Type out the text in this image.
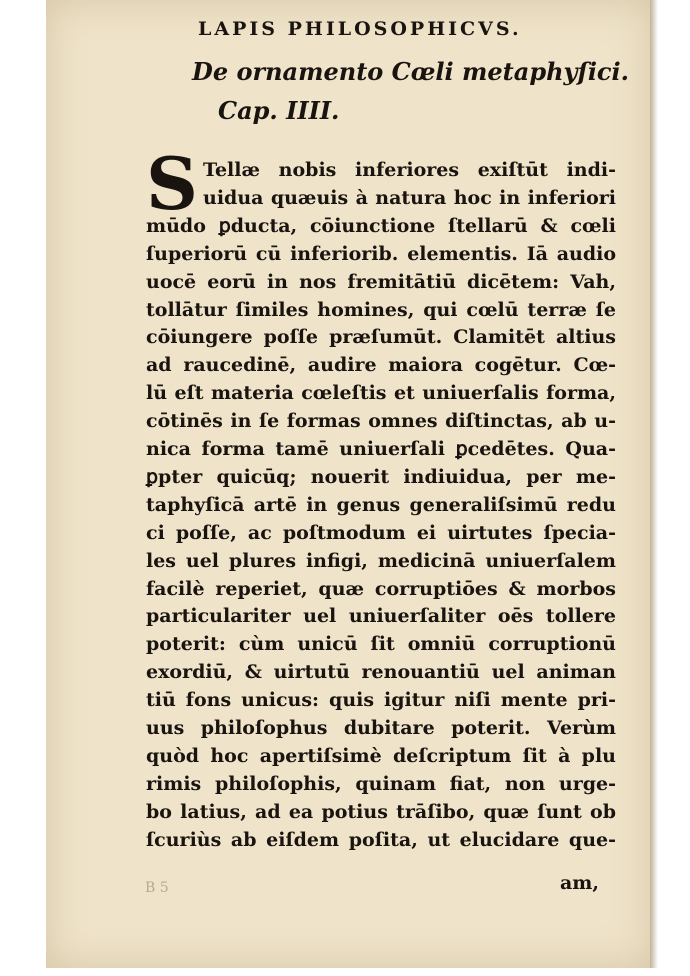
LAPIS PHILOSOPHICVS.
De ornamento Cœli metaphyſici.
Cap. IIII.
S Tellæ nobis inferiores exiſtūt indi-
uidua quæuis à natura hoc in inferiori
mūdo ꝑducta, cōiunctione ſtellarū & cœli
ſuperiorū cū inferiorib. elementis. Iā audio
uocē eorū in nos fremitātiū dicētem: Vah,
tollātur ſimiles homines, qui cœlū terræ ſe
cōiungere poſſe præſumūt. Clamitēt altius
ad raucedinē, audire maiora cogētur. Cœ-
lū eſt materia cœleſtis et uniuerſalis forma,
cōtinēs in ſe formas omnes diſtinctas, ab u-
nica forma tamē uniuerſali ꝑcedētes. Qua-
ꝑpter quicūq; nouerit indiuidua, per me-
taphyſicā artē in genus generaliſsimū redu
ci poſſe, ac poſtmodum ei uirtutes ſpecia-
les uel plures infigi, medicinā uniuerſalem
facilè reperiet, quæ corruptiōes & morbos
particulariter uel uniuerſaliter oēs tollere
poterit: cùm unicū ſit omniū corruptionū
exordiū, & uirtutū renouantiū uel animan
tiū fons unicus: quis igitur niſi mente pri-
uus philoſophus dubitare poterit. Verùm
quòd hoc apertiſsimè deſcriptum ſit à plu
rimis philoſophis, quinam fiat, non urge-
bo latius, ad ea potius trāſibo, quæ ſunt ob
ſcuriùs ab eiſdem poſita, ut elucidare que-
am,
B 5
